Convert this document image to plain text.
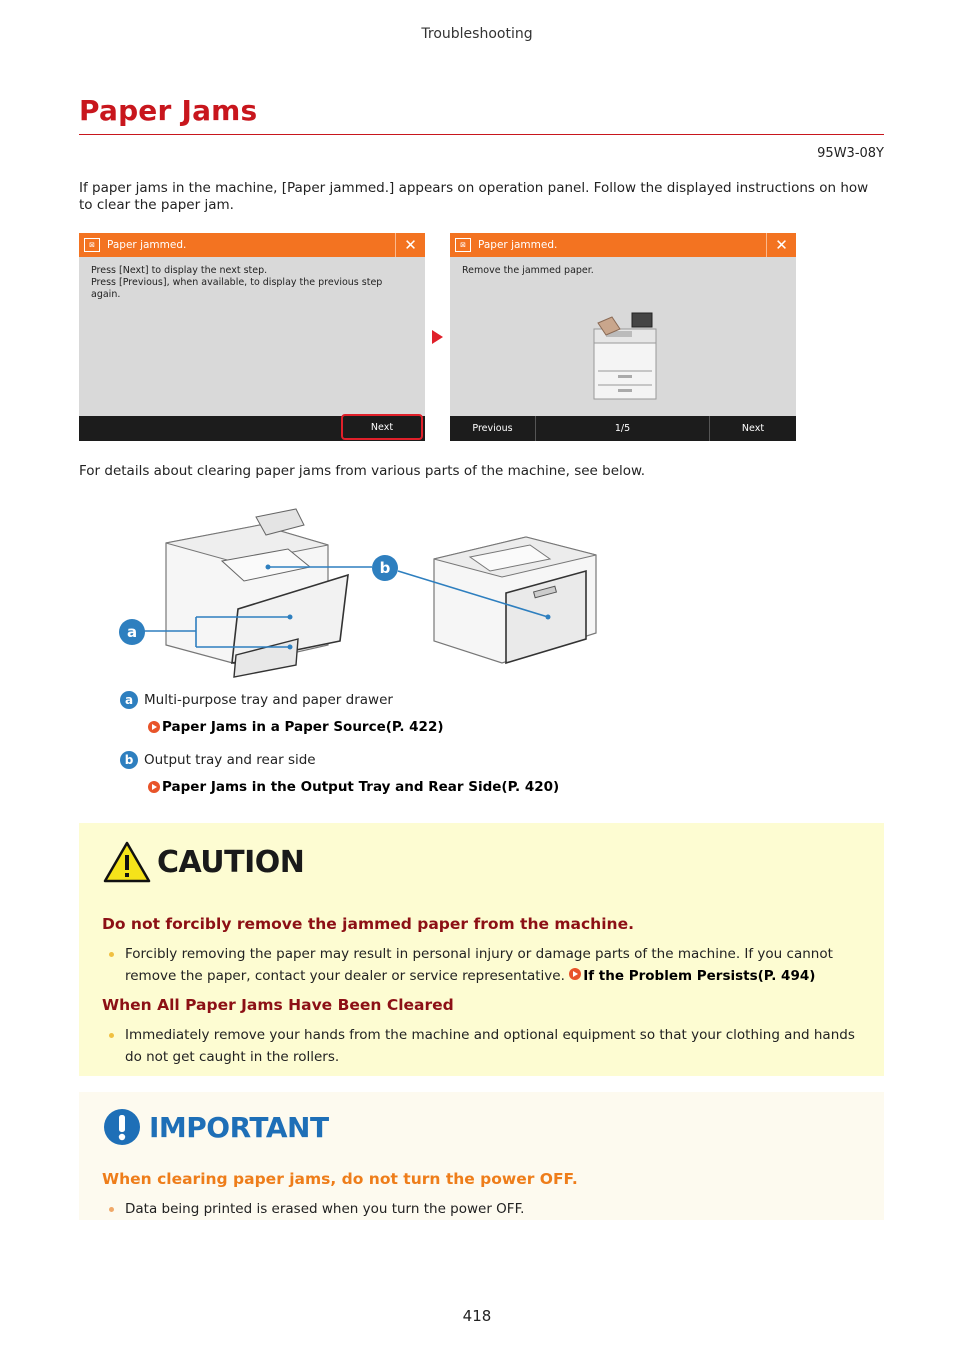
Troubleshooting
Paper Jams
95W3-08Y

If paper jams in the machine, [Paper jammed.] appears on operation panel. Follow the displayed instructions on how to clear the paper jam.

⊠	Paper jammed.	✕
Press [Next] to display the next step.
Press [Previous], when available, to display the previous step again.
Next
⊠	Paper jammed.	✕
Remove the jammed paper.
Previous	1/5	Next

For details about clearing paper jams from various parts of the machine, see below.

a
b
a Multi-purpose tray and paper drawer
Paper Jams in a Paper Source(P. 422)
b Output tray and rear side
Paper Jams in the Output Tray and Rear Side(P. 420)
CAUTION
Do not forcibly remove the jammed paper from the machine.
Forcibly removing the paper may result in personal injury or damage parts of the machine. If you cannot remove the paper, contact your dealer or service representative. If the Problem Persists(P. 494)
When All Paper Jams Have Been Cleared
Immediately remove your hands from the machine and optional equipment so that your clothing and hands do not get caught in the rollers.
IMPORTANT
When clearing paper jams, do not turn the power OFF.
Data being printed is erased when you turn the power OFF.
418
